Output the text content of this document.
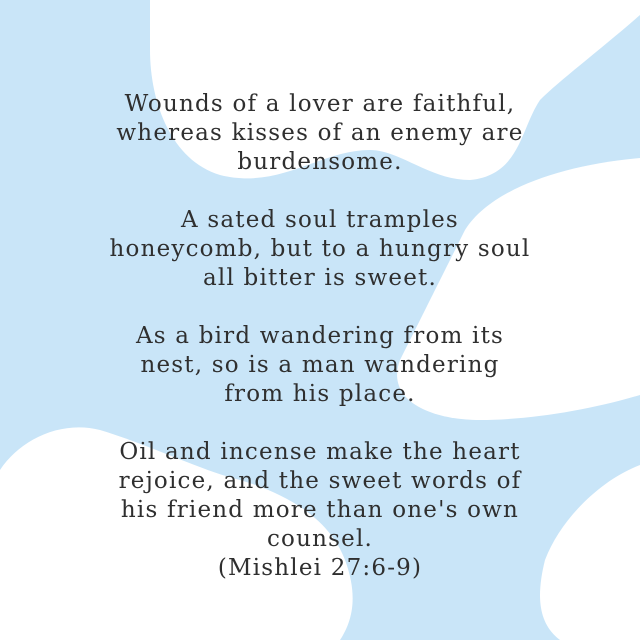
Wounds of a lover are faithful,
whereas kisses of an enemy are
burdensome.
A sated soul tramples
honeycomb, but to a hungry soul
all bitter is sweet.
As a bird wandering from its
nest, so is a man wandering
from his place.
Oil and incense make the heart
rejoice, and the sweet words of
his friend more than one's own
counsel.
(Mishlei 27:6-9)
